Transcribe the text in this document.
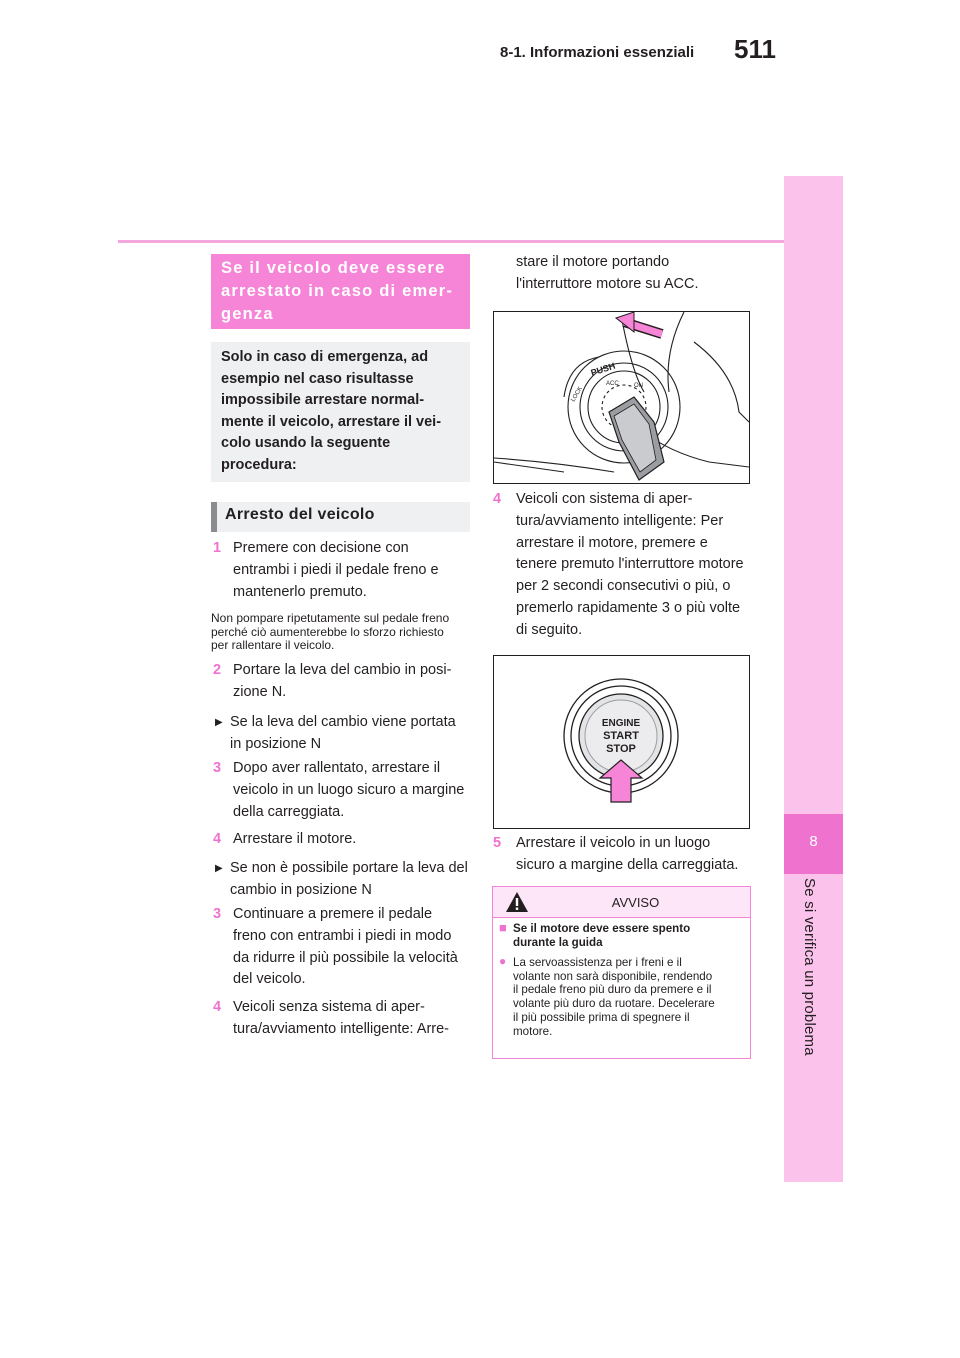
511
8-1. Informazioni essenziali
8
Se si verifica un problema
Se il veicolo deve essere
arrestato in caso di emer-
genza
Solo in caso di emergenza, ad
esempio nel caso risultasse
impossibile arrestare normal-
mente il veicolo, arrestare il vei-
colo usando la seguente
procedura:
Arresto del veicolo
1 Premere con decisione con
entrambi i piedi il pedale freno e
mantenerlo premuto.
Non pompare ripetutamente sul pedale freno
perché ciò aumenterebbe lo sforzo richiesto
per rallentare il veicolo.
2 Portare la leva del cambio in posi-
zione N.
▶ Se la leva del cambio viene portata
in posizione N
3 Dopo aver rallentato, arrestare il
veicolo in un luogo sicuro a margine
della carreggiata.
4 Arrestare il motore.
▶ Se non è possibile portare la leva del
cambio in posizione N
3 Continuare a premere il pedale
freno con entrambi i piedi in modo
da ridurre il più possibile la velocità
del veicolo.
4 Veicoli senza sistema di aper-
tura/avviamento intelligente: Arre-
stare il motore portando
l'interruttore motore su ACC.
PUSH
LOCK
ACC	ON
4 Veicoli con sistema di aper-
tura/avviamento intelligente: Per
arrestare il motore, premere e
tenere premuto l'interruttore motore
per 2 secondi consecutivi o più, o
premerlo rapidamente 3 o più volte
di seguito.
ENGINE
START
STOP
5 Arrestare il veicolo in un luogo
sicuro a margine della carreggiata.
AVVISO
■ Se il motore deve essere spento
durante la guida
● La servoassistenza per i freni e il
volante non sarà disponibile, rendendo
il pedale freno più duro da premere e il
volante più duro da ruotare. Decelerare
il più possibile prima di spegnere il
motore.
